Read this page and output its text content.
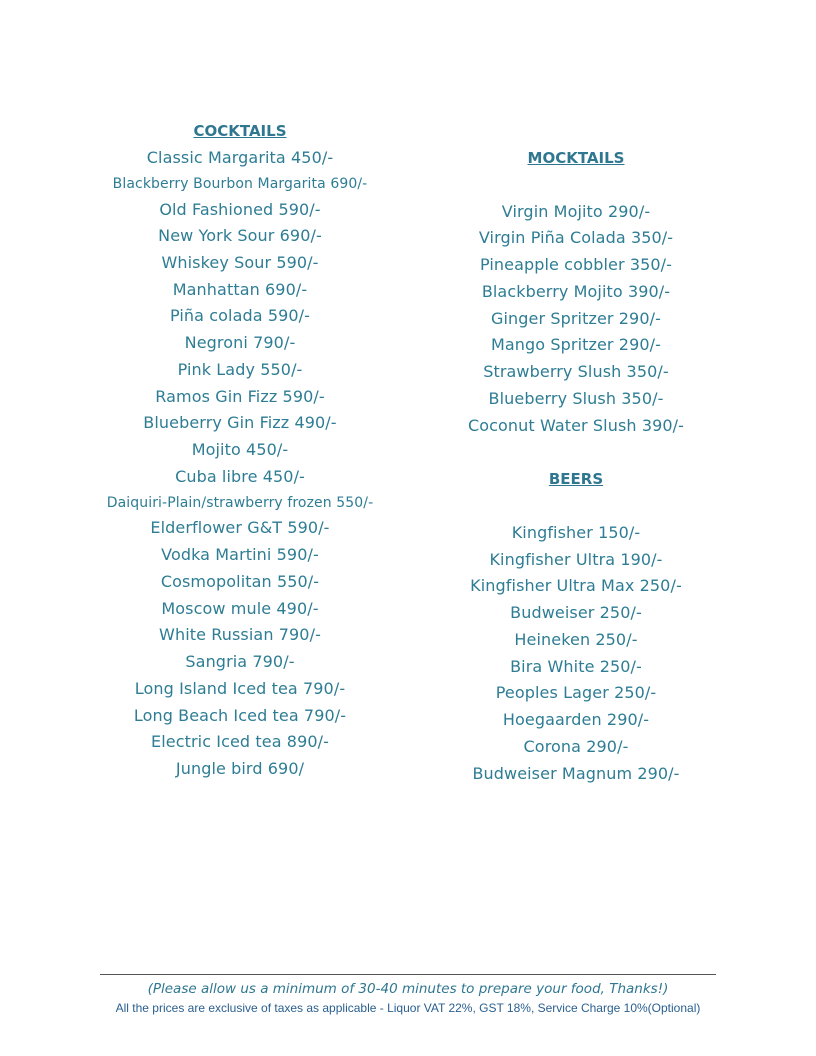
COCKTAILS
Classic Margarita 450/-
Blackberry Bourbon Margarita 690/-
Old Fashioned 590/-
New York Sour 690/-
Whiskey Sour 590/-
Manhattan 690/-
Piña colada 590/-
Negroni 790/-
Pink Lady 550/-
Ramos Gin Fizz 590/-
Blueberry Gin Fizz 490/-
Mojito 450/-
Cuba libre 450/-
Daiquiri-Plain/strawberry frozen 550/-
Elderflower G&T 590/-
Vodka Martini 590/-
Cosmopolitan 550/-
Moscow mule 490/-
White Russian 790/-
Sangria 790/-
Long Island Iced tea 790/-
Long Beach Iced tea 790/-
Electric Iced tea 890/-
Jungle bird 690/
MOCKTAILS
Virgin Mojito 290/-
Virgin Piña Colada 350/-
Pineapple cobbler 350/-
Blackberry Mojito 390/-
Ginger Spritzer 290/-
Mango Spritzer 290/-
Strawberry Slush 350/-
Blueberry Slush 350/-
Coconut Water Slush 390/-
BEERS
Kingfisher 150/-
Kingfisher Ultra 190/-
Kingfisher Ultra Max 250/-
Budweiser 250/-
Heineken 250/-
Bira White 250/-
Peoples Lager 250/-
Hoegaarden 290/-
Corona 290/-
Budweiser Magnum 290/-
(Please allow us a minimum of 30-40 minutes to prepare your food, Thanks!)
All the prices are exclusive of taxes as applicable - Liquor VAT 22%, GST 18%, Service Charge 10%(Optional)
